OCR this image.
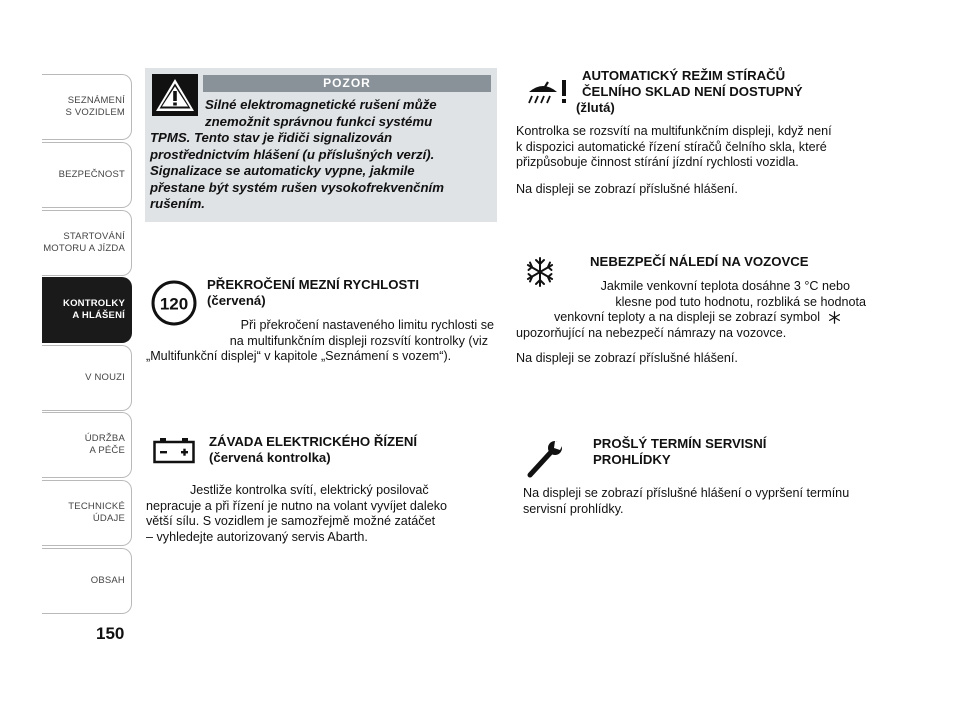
SEZNÁMENÍ
S VOZIDLEM
BEZPEČNOST
STARTOVÁNÍ
MOTORU A JÍZDA
KONTROLKY
A HLÁŠENÍ
V NOUZI
ÚDRŽBA
A PÉČE
TECHNICKÉ
ÚDAJE
OBSAH
150
POZOR
Silné elektromagnetické rušení může
znemožnit správnou funkci systému
TPMS. Tento stav je řidiči signalizován
prostřednictvím hlášení (u příslušných verzí).
Signalizace se automaticky vypne, jakmile
přestane být systém rušen vysokofrekvenčním
rušením.
120
PŘEKROČENÍ MEZNÍ RYCHLOSTI
(červená)
Při překročení nastaveného limitu rychlosti se
na multifunkčním displeji rozsvítí kontrolky (viz
„Multifunkční displej“ v kapitole „Seznámení s vozem“).
ZÁVADA ELEKTRICKÉHO ŘÍZENÍ
(červená kontrolka)
Jestliže kontrolka svítí, elektrický posilovač
nepracuje a při řízení je nutno na volant vyvíjet daleko
větší sílu. S vozidlem je samozřejmě možné zatáčet
– vyhledejte autorizovaný servis Abarth.
AUTOMATICKÝ REŽIM STÍRAČŮ
ČELNÍHO SKLAD NENÍ DOSTUPNÝ
(žlutá)
Kontrolka se rozsvítí na multifunkčním displeji, když není
k dispozici automatické řízení stíračů čelního skla, které
přizpůsobuje činnost stírání jízdní rychlosti vozidla.
Na displeji se zobrazí příslušné hlášení.
NEBEZPEČÍ NÁLEDÍ NA VOZOVCE
Jakmile venkovní teplota dosáhne 3 °C nebo
klesne pod tuto hodnotu, rozbliká se hodnota
venkovní teploty a na displeji se zobrazí symbol
upozorňující na nebezpečí námrazy na vozovce.
Na displeji se zobrazí příslušné hlášení.
PROŠLÝ TERMÍN SERVISNÍ
PROHLÍDKY
Na displeji se zobrazí příslušné hlášení o vypršení termínu
servisní prohlídky.
